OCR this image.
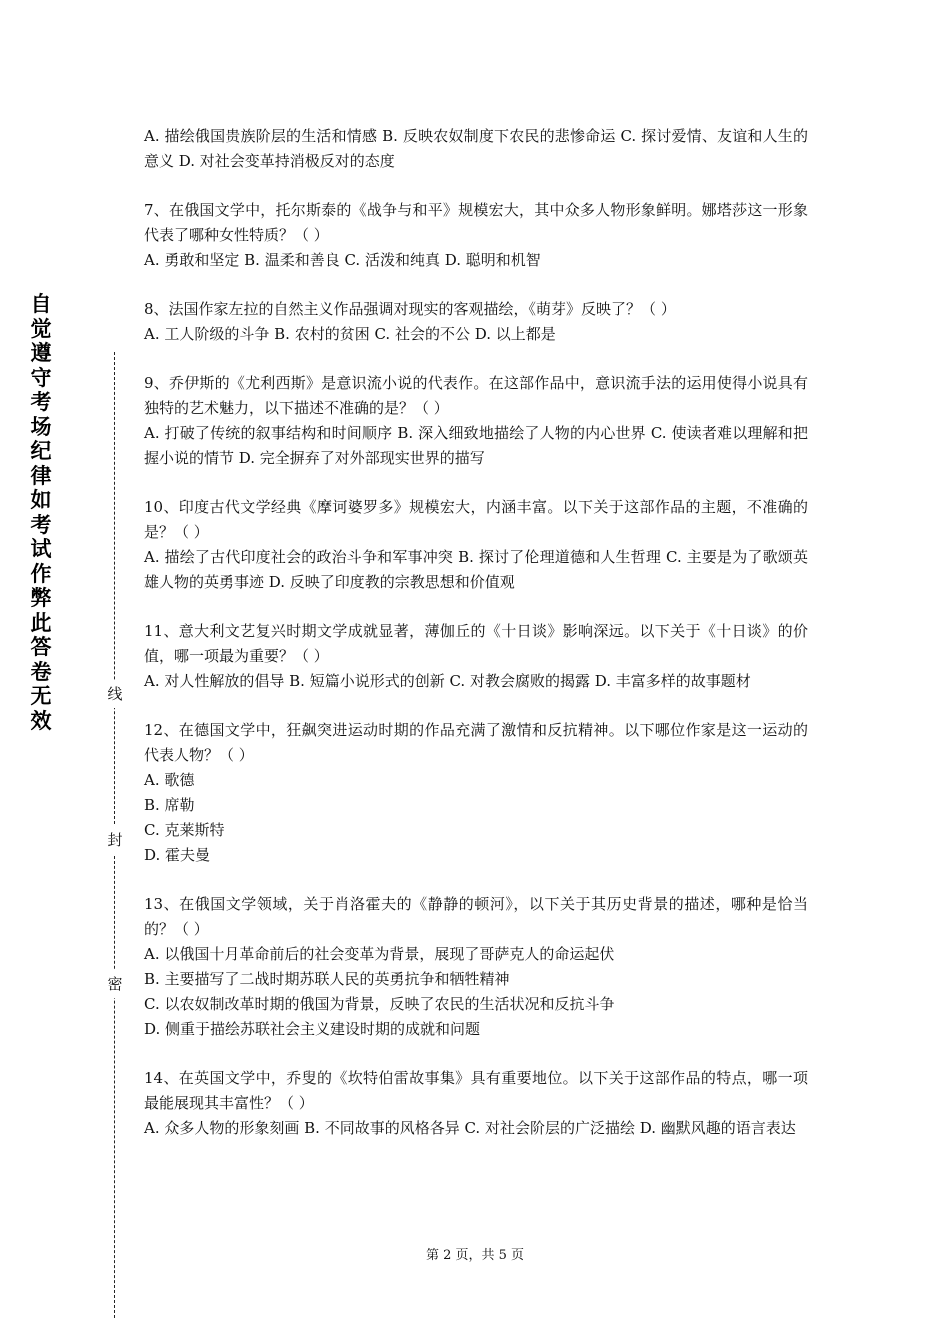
自觉遵守考场纪律如考试作弊此答卷无效
线
封
密

A. 描绘俄国贵族阶层的生活和情感 B. 反映农奴制度下农民的悲惨命运 C. 探讨爱情、友谊和人生的意义 D. 对社会变革持消极反对的态度

7、在俄国文学中，托尔斯泰的《战争与和平》规模宏大，其中众多人物形象鲜明。娜塔莎这一形象代表了哪种女性特质？（ ）

A. 勇敢和坚定 B. 温柔和善良 C. 活泼和纯真 D. 聪明和机智

8、法国作家左拉的自然主义作品强调对现实的客观描绘，《萌芽》反映了？（ ）

A. 工人阶级的斗争 B. 农村的贫困 C. 社会的不公 D. 以上都是

9、乔伊斯的《尤利西斯》是意识流小说的代表作。在这部作品中，意识流手法的运用使得小说具有独特的艺术魅力，以下描述不准确的是？（ ）

A. 打破了传统的叙事结构和时间顺序 B. 深入细致地描绘了人物的内心世界 C. 使读者难以理解和把握小说的情节 D. 完全摒弃了对外部现实世界的描写

10、印度古代文学经典《摩诃婆罗多》规模宏大，内涵丰富。以下关于这部作品的主题，不准确的是？（ ）

A. 描绘了古代印度社会的政治斗争和军事冲突 B. 探讨了伦理道德和人生哲理 C. 主要是为了歌颂英雄人物的英勇事迹 D. 反映了印度教的宗教思想和价值观

11、意大利文艺复兴时期文学成就显著，薄伽丘的《十日谈》影响深远。以下关于《十日谈》的价值，哪一项最为重要？（ ）

A. 对人性解放的倡导 B. 短篇小说形式的创新 C. 对教会腐败的揭露 D. 丰富多样的故事题材

12、在德国文学中，狂飙突进运动时期的作品充满了激情和反抗精神。以下哪位作家是这一运动的代表人物？（ ）

A. 歌德

B. 席勒

C. 克莱斯特

D. 霍夫曼

13、在俄国文学领域，关于肖洛霍夫的《静静的顿河》，以下关于其历史背景的描述，哪种是恰当的？（ ）

A. 以俄国十月革命前后的社会变革为背景，展现了哥萨克人的命运起伏

B. 主要描写了二战时期苏联人民的英勇抗争和牺牲精神

C. 以农奴制改革时期的俄国为背景，反映了农民的生活状况和反抗斗争

D. 侧重于描绘苏联社会主义建设时期的成就和问题

14、在英国文学中，乔叟的《坎特伯雷故事集》具有重要地位。以下关于这部作品的特点，哪一项最能展现其丰富性？（ ）

A. 众多人物的形象刻画 B. 不同故事的风格各异 C. 对社会阶层的广泛描绘 D. 幽默风趣的语言表达

第 2 页，共 5 页
